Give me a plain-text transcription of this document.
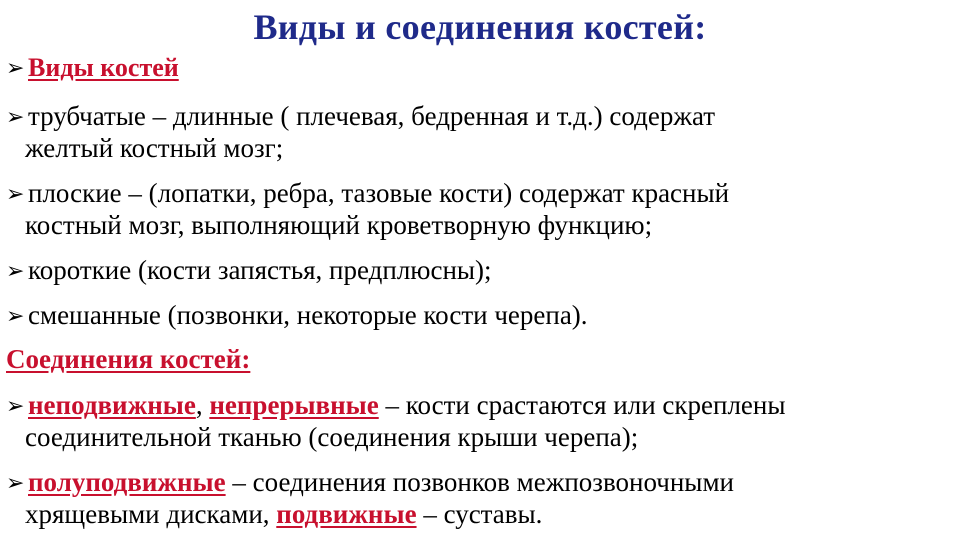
Виды и соединения костей:
➢ Виды костей
➢ трубчатые – длинные ( плечевая, бедренная и т.д.) содержат
желтый костный мозг;
➢ плоские – (лопатки, ребра, тазовые кости) содержат красный
костный мозг, выполняющий кроветворную функцию;
➢ короткие (кости запястья, предплюсны);
➢ смешанные (позвонки, некоторые кости черепа).
Соединения костей:
➢ неподвижные, непрерывные – кости срастаются или скреплены
соединительной тканью (соединения крыши черепа);
➢ полуподвижные – соединения позвонков межпозвоночными
хрящевыми дисками, подвижные – суставы.
